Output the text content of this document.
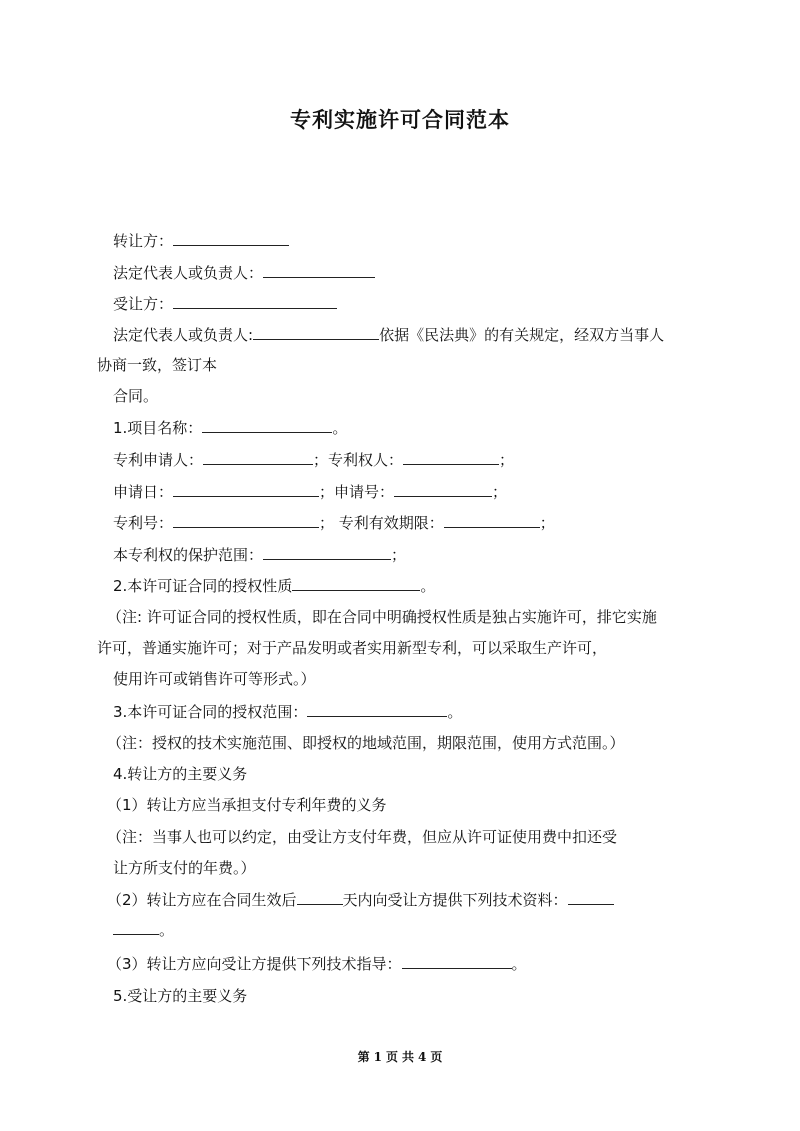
专利实施许可合同范本
转让方：
法定代表人或负责人：
受让方：
法定代表人或负责人:	依据《民法典》的有关规定，经双方当事人
协商一致，签订本
合同。
1.项目名称：	。
专利申请人：	；专利权人：	；
申请日：	；申请号：	；
专利号：	； 专利有效期限：	；
本专利权的保护范围：	；
2.本许可证合同的授权性质	。
（注: 许可证合同的授权性质，即在合同中明确授权性质是独占实施许可，排它实施
许可，普通实施许可；对于产品发明或者实用新型专利，可以采取生产许可，
使用许可或销售许可等形式。）
3.本许可证合同的授权范围：	。
（注：授权的技术实施范围、即授权的地域范围，期限范围，使用方式范围。）
4.转让方的主要义务
（1）转让方应当承担支付专利年费的义务
（注：当事人也可以约定，由受让方支付年费，但应从许可证使用费中扣还受
让方所支付的年费。）
（2）转让方应在合同生效后	天内向受让方提供下列技术资料：
。
（3）转让方应向受让方提供下列技术指导：	。
5.受让方的主要义务
第 1 页 共 4 页
